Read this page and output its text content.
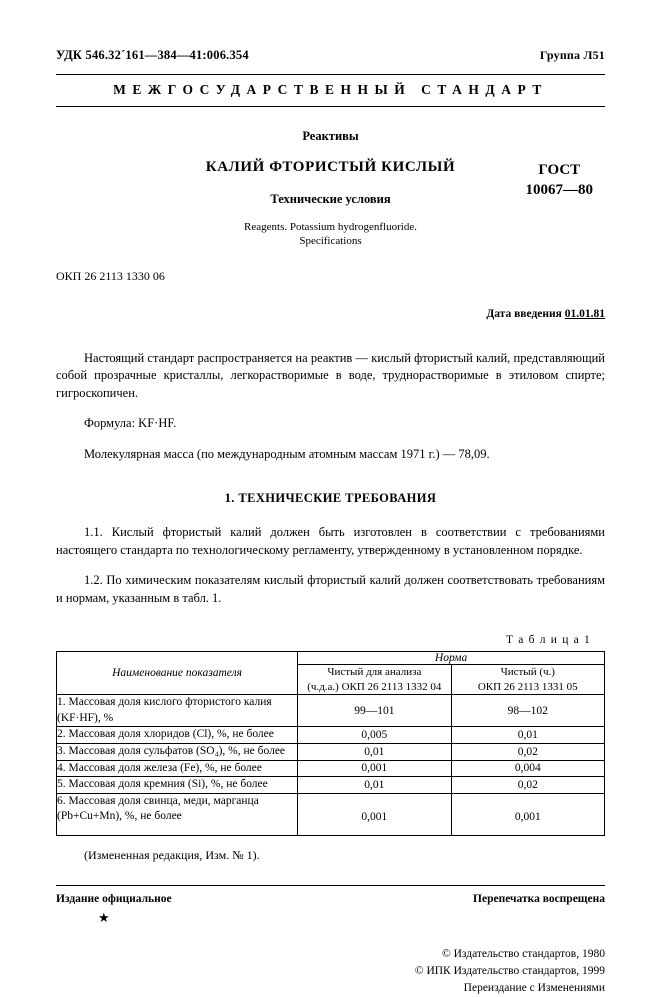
УДК 546.32´161—384—41:006.354	Группа Л51
МЕЖГОСУДАРСТВЕННЫЙ СТАНДАРТ
Реактивы
КАЛИЙ ФТОРИСТЫЙ КИСЛЫЙ
Технические условия
Reagents. Potassium hydrogenfluoride.
Specifications
ГОСТ
10067—80
ОКП 26 2113 1330 06
Дата введения 01.01.81

Настоящий стандарт распространяется на реактив — кислый фтористый калий, представляющий собой прозрачные кристаллы, легкорастворимые в воде, труднорастворимые в этиловом спирте; гигроскопичен.

Формула: KF·HF.

Молекулярная масса (по международным атомным массам 1971 г.) — 78,09.

1. ТЕХНИЧЕСКИЕ ТРЕБОВАНИЯ

1.1. Кислый фтористый калий должен быть изготовлен в соответствии с требованиями настоящего стандарта по технологическому регламенту, утвержденному в установленном порядке.

1.2. По химическим показателям кислый фтористый калий должен соответствовать требованиям и нормам, указанным в табл. 1.

Т а б л и ц а 1
Наименование показателя	Норма	

Чистый для анализа
(ч.д.а.) ОКП 26 2113 1332 04

Чистый (ч.)
ОКП 26 2113 1331 05

1. Массовая доля кислого фтористого калия (KF·HF), %	99—101	98—102
2. Массовая доля хлоридов (Cl), %, не более	0,005	0,01
3. Массовая доля сульфатов (SO₄), %, не более	0,01	0,02
4. Массовая доля железа (Fe), %, не более	0,001	0,004
5. Массовая доля кремния (Si), %, не более	0,01	0,02
6. Массовая доля свинца, меди, марганца (Pb+Cu+Mn), %, не более	0,001	0,001
(Измененная редакция, Изм. № 1).
Издание официальное	Перепечатка воспрещена
★
© Издательство стандартов, 1980
© ИПК Издательство стандартов, 1999
Переиздание с Изменениями
